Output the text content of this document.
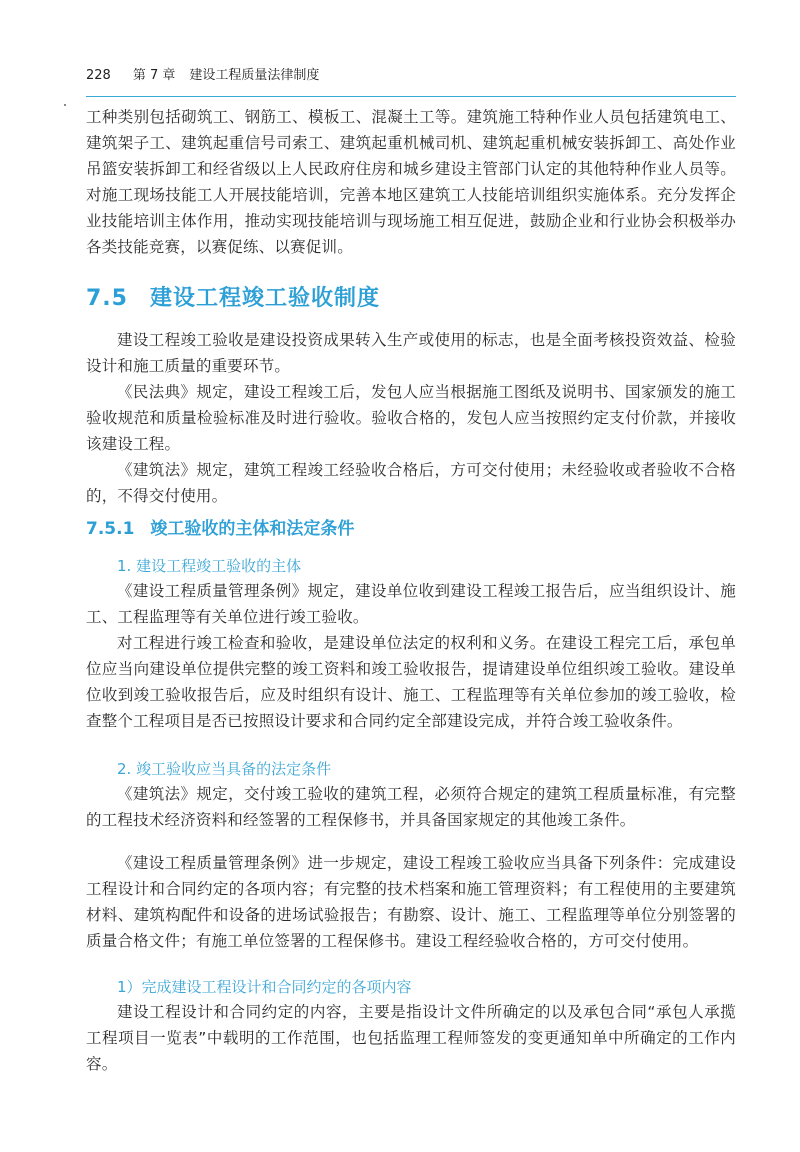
228 第 7 章 建设工程质量法律制度

工种类别包括砌筑工、钢筋工、模板工、混凝土工等。建筑施工特种作业人员包括建筑电工、建筑架子工、建筑起重信号司索工、建筑起重机械司机、建筑起重机械安装拆卸工、高处作业吊篮安装拆卸工和经省级以上人民政府住房和城乡建设主管部门认定的其他特种作业人员等。对施工现场技能工人开展技能培训，完善本地区建筑工人技能培训组织实施体系。充分发挥企业技能培训主体作用，推动实现技能培训与现场施工相互促进，鼓励企业和行业协会积极举办各类技能竞赛，以赛促练、以赛促训。

7.5 建设工程竣工验收制度

建设工程竣工验收是建设投资成果转入生产或使用的标志，也是全面考核投资效益、检验设计和施工质量的重要环节。

《民法典》规定，建设工程竣工后，发包人应当根据施工图纸及说明书、国家颁发的施工验收规范和质量检验标准及时进行验收。验收合格的，发包人应当按照约定支付价款，并接收该建设工程。

《建筑法》规定，建筑工程竣工经验收合格后，方可交付使用；未经验收或者验收不合格的，不得交付使用。

7.5.1 竣工验收的主体和法定条件
1. 建设工程竣工验收的主体

《建设工程质量管理条例》规定，建设单位收到建设工程竣工报告后，应当组织设计、施工、工程监理等有关单位进行竣工验收。

对工程进行竣工检查和验收，是建设单位法定的权利和义务。在建设工程完工后，承包单位应当向建设单位提供完整的竣工资料和竣工验收报告，提请建设单位组织竣工验收。建设单位收到竣工验收报告后，应及时组织有设计、施工、工程监理等有关单位参加的竣工验收，检查整个工程项目是否已按照设计要求和合同约定全部建设完成，并符合竣工验收条件。

2. 竣工验收应当具备的法定条件

《建筑法》规定，交付竣工验收的建筑工程，必须符合规定的建筑工程质量标准，有完整的工程技术经济资料和经签署的工程保修书，并具备国家规定的其他竣工条件。

《建设工程质量管理条例》进一步规定，建设工程竣工验收应当具备下列条件：完成建设工程设计和合同约定的各项内容；有完整的技术档案和施工管理资料；有工程使用的主要建筑材料、建筑构配件和设备的进场试验报告；有勘察、设计、施工、工程监理等单位分别签署的质量合格文件；有施工单位签署的工程保修书。建设工程经验收合格的，方可交付使用。

1）完成建设工程设计和合同约定的各项内容

建设工程设计和合同约定的内容，主要是指设计文件所确定的以及承包合同“承包人承揽工程项目一览表”中载明的工作范围，也包括监理工程师签发的变更通知单中所确定的工作内容。
